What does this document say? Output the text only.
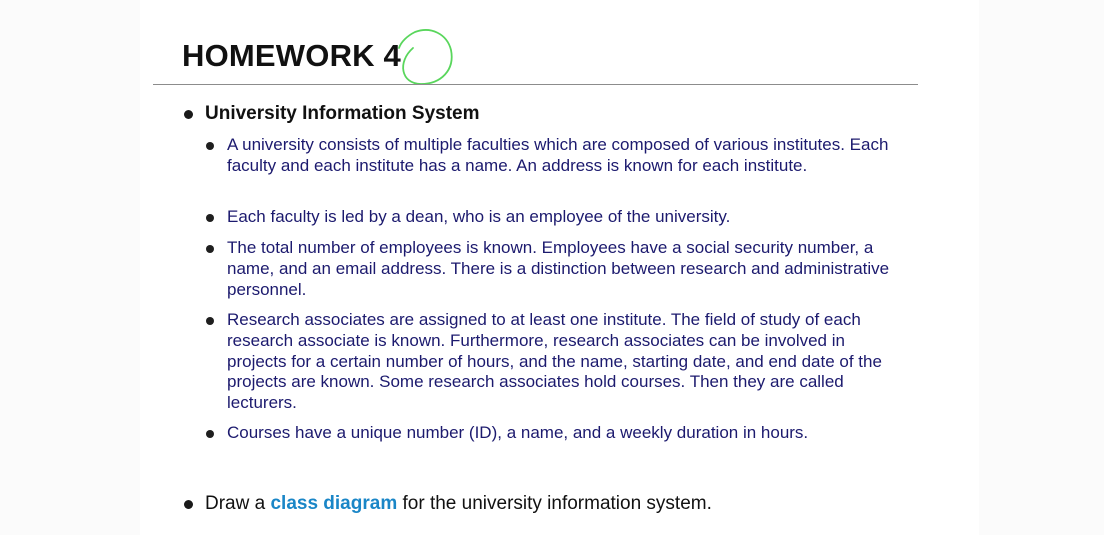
HOMEWORK 4
University Information System
A university consists of multiple faculties which are composed of various institutes. Each faculty and each institute has a name. An address is known for each institute.
Each faculty is led by a dean, who is an employee of the university.
The total number of employees is known. Employees have a social security number, a name, and an email address. There is a distinction between research and administrative personnel.
Research associates are assigned to at least one institute. The field of study of each research associate is known. Furthermore, research associates can be involved in projects for a certain number of hours, and the name, starting date, and end date of the projects are known. Some research associates hold courses. Then they are called lecturers.
Courses have a unique number (ID), a name, and a weekly duration in hours.
Draw a class diagram for the university information system.
